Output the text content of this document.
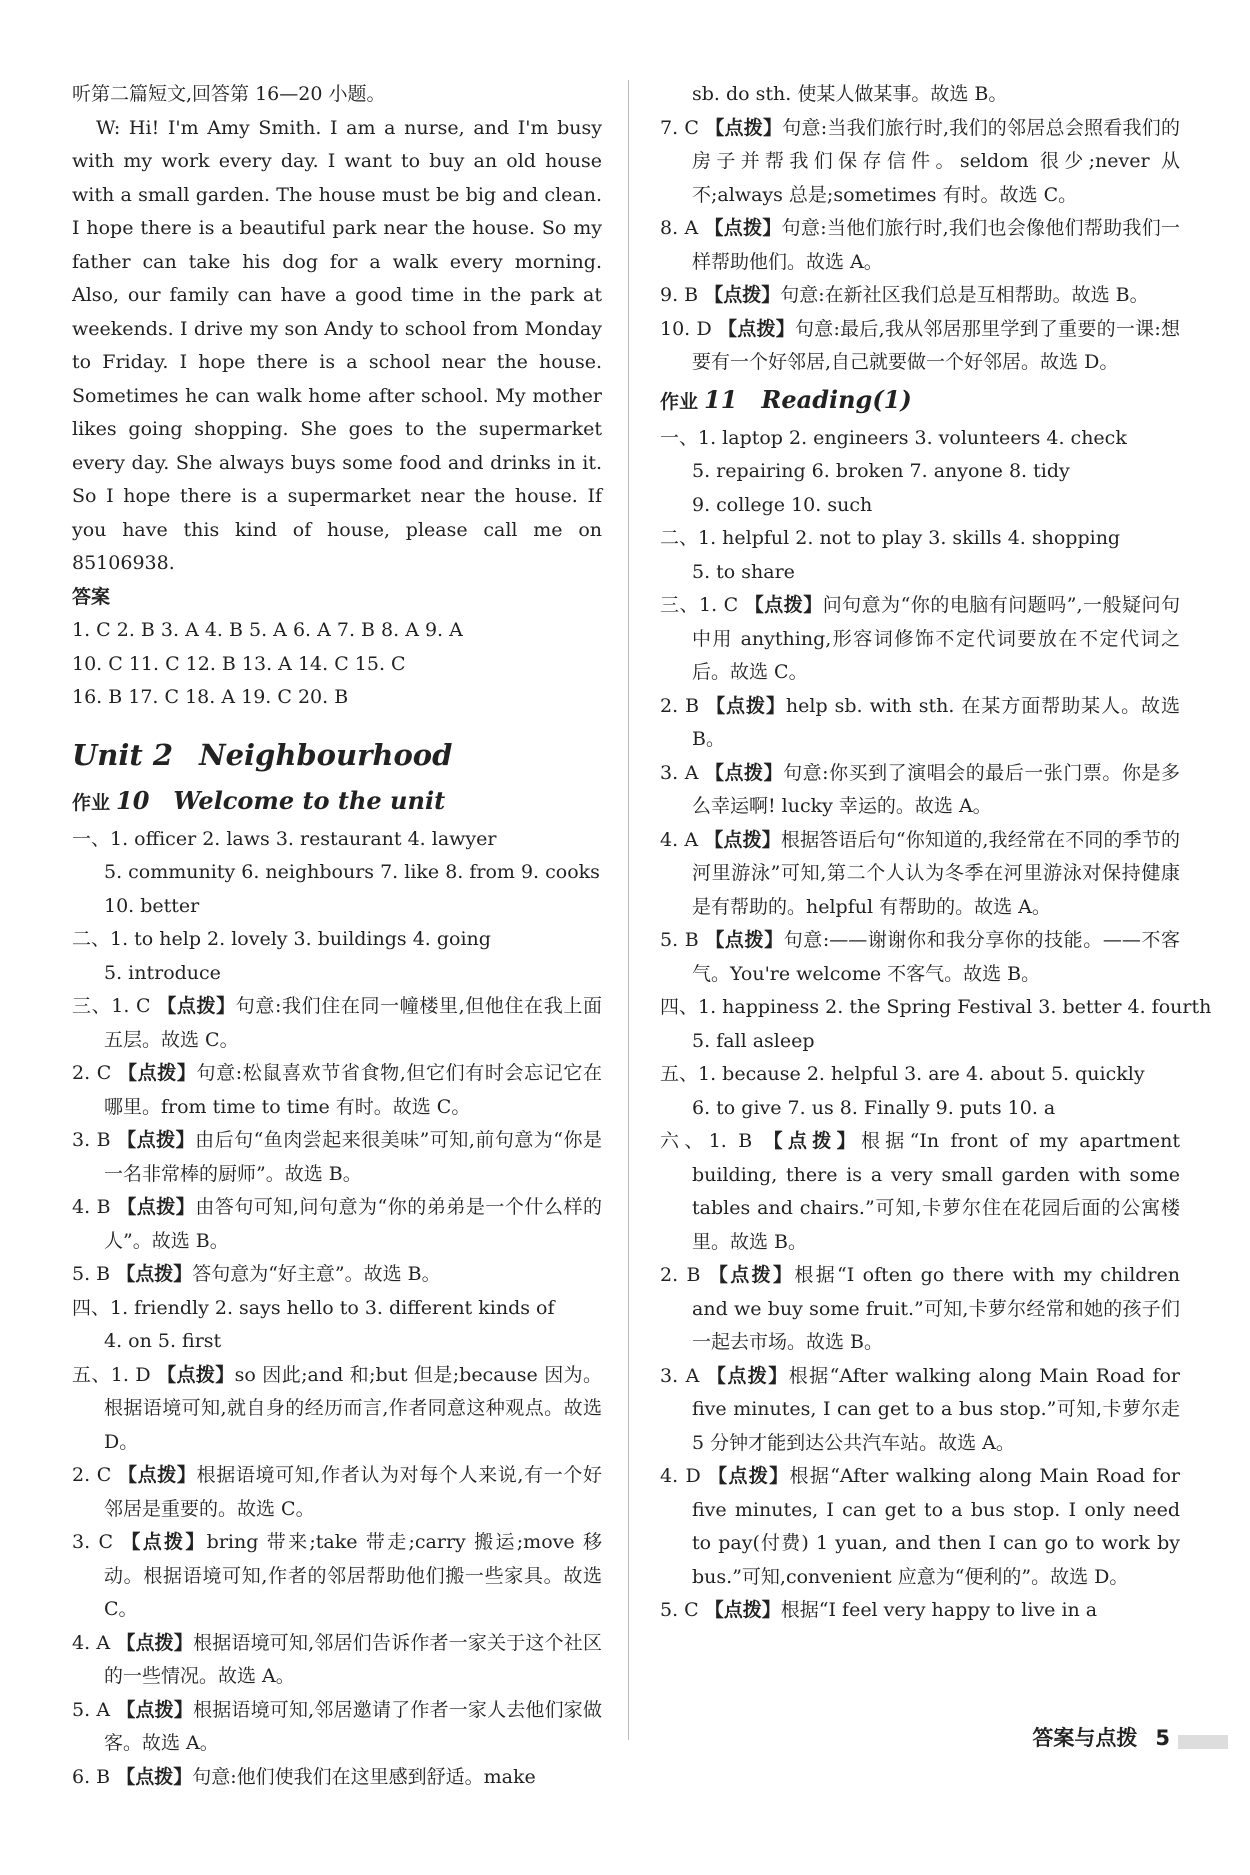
听第二篇短文,回答第 16—20 小题。
W: Hi! I'm Amy Smith. I am a nurse, and I'm busy with my work every day. I want to buy an old house with a small garden. The house must be big and clean. I hope there is a beautiful park near the house. So my father can take his dog for a walk every morning. Also, our family can have a good time in the park at weekends. I drive my son Andy to school from Monday to Friday. I hope there is a school near the house. Sometimes he can walk home after school. My mother likes going shopping. She goes to the supermarket every day. She always buys some food and drinks in it. So I hope there is a supermarket near the house. If you have this kind of house, please call me on 85106938.
答案
1. C 2. B 3. A 4. B 5. A 6. A 7. B 8. A 9. A
10. C 11. C 12. B 13. A 14. C 15. C
16. B 17. C 18. A 19. C 20. B
Unit 2 Neighbourhood
作业 10 Welcome to the unit
一、1. officer 2. laws 3. restaurant 4. lawyer
5. community 6. neighbours 7. like 8. from 9. cooks
10. better
二、1. to help 2. lovely 3. buildings 4. going
5. introduce
三、1. C 【点拨】句意:我们住在同一幢楼里,但他住在我上面五层。故选 C。
2. C 【点拨】句意:松鼠喜欢节省食物,但它们有时会忘记它在哪里。from time to time 有时。故选 C。
3. B 【点拨】由后句“鱼肉尝起来很美味”可知,前句意为“你是一名非常棒的厨师”。故选 B。
4. B 【点拨】由答句可知,问句意为“你的弟弟是一个什么样的人”。故选 B。
5. B 【点拨】答句意为“好主意”。故选 B。
四、1. friendly 2. says hello to 3. different kinds of
4. on 5. first
五、1. D 【点拨】so 因此;and 和;but 但是;because 因为。根据语境可知,就自身的经历而言,作者同意这种观点。故选 D。
2. C 【点拨】根据语境可知,作者认为对每个人来说,有一个好邻居是重要的。故选 C。
3. C 【点拨】bring 带来;take 带走;carry 搬运;move 移动。根据语境可知,作者的邻居帮助他们搬一些家具。故选 C。
4. A 【点拨】根据语境可知,邻居们告诉作者一家关于这个社区的一些情况。故选 A。
5. A 【点拨】根据语境可知,邻居邀请了作者一家人去他们家做客。故选 A。
6. B 【点拨】句意:他们使我们在这里感到舒适。make
sb. do sth. 使某人做某事。故选 B。
7. C 【点拨】句意:当我们旅行时,我们的邻居总会照看我们的房子并帮我们保存信件。seldom 很少;never 从不;always 总是;sometimes 有时。故选 C。
8. A 【点拨】句意:当他们旅行时,我们也会像他们帮助我们一样帮助他们。故选 A。
9. B 【点拨】句意:在新社区我们总是互相帮助。故选 B。
10. D 【点拨】句意:最后,我从邻居那里学到了重要的一课:想要有一个好邻居,自己就要做一个好邻居。故选 D。
作业 11 Reading(1)
一、1. laptop 2. engineers 3. volunteers 4. check
5. repairing 6. broken 7. anyone 8. tidy
9. college 10. such
二、1. helpful 2. not to play 3. skills 4. shopping
5. to share
三、1. C 【点拨】问句意为“你的电脑有问题吗”,一般疑问句中用 anything,形容词修饰不定代词要放在不定代词之后。故选 C。
2. B 【点拨】help sb. with sth. 在某方面帮助某人。故选 B。
3. A 【点拨】句意:你买到了演唱会的最后一张门票。你是多么幸运啊! lucky 幸运的。故选 A。
4. A 【点拨】根据答语后句“你知道的,我经常在不同的季节的河里游泳”可知,第二个人认为冬季在河里游泳对保持健康是有帮助的。helpful 有帮助的。故选 A。
5. B 【点拨】句意:——谢谢你和我分享你的技能。——不客气。You're welcome 不客气。故选 B。
四、1. happiness 2. the Spring Festival 3. better 4. fourth
5. fall asleep
五、1. because 2. helpful 3. are 4. about 5. quickly
6. to give 7. us 8. Finally 9. puts 10. a
六、1. B 【点拨】根据“In front of my apartment building, there is a very small garden with some tables and chairs.”可知,卡萝尔住在花园后面的公寓楼里。故选 B。
2. B 【点拨】根据“I often go there with my children and we buy some fruit.”可知,卡萝尔经常和她的孩子们一起去市场。故选 B。
3. A 【点拨】根据“After walking along Main Road for five minutes, I can get to a bus stop.”可知,卡萝尔走 5 分钟才能到达公共汽车站。故选 A。
4. D 【点拨】根据“After walking along Main Road for five minutes, I can get to a bus stop. I only need to pay(付费) 1 yuan, and then I can go to work by bus.”可知,convenient 应意为“便利的”。故选 D。
5. C 【点拨】根据“I feel very happy to live in a
答案与点拨 5
